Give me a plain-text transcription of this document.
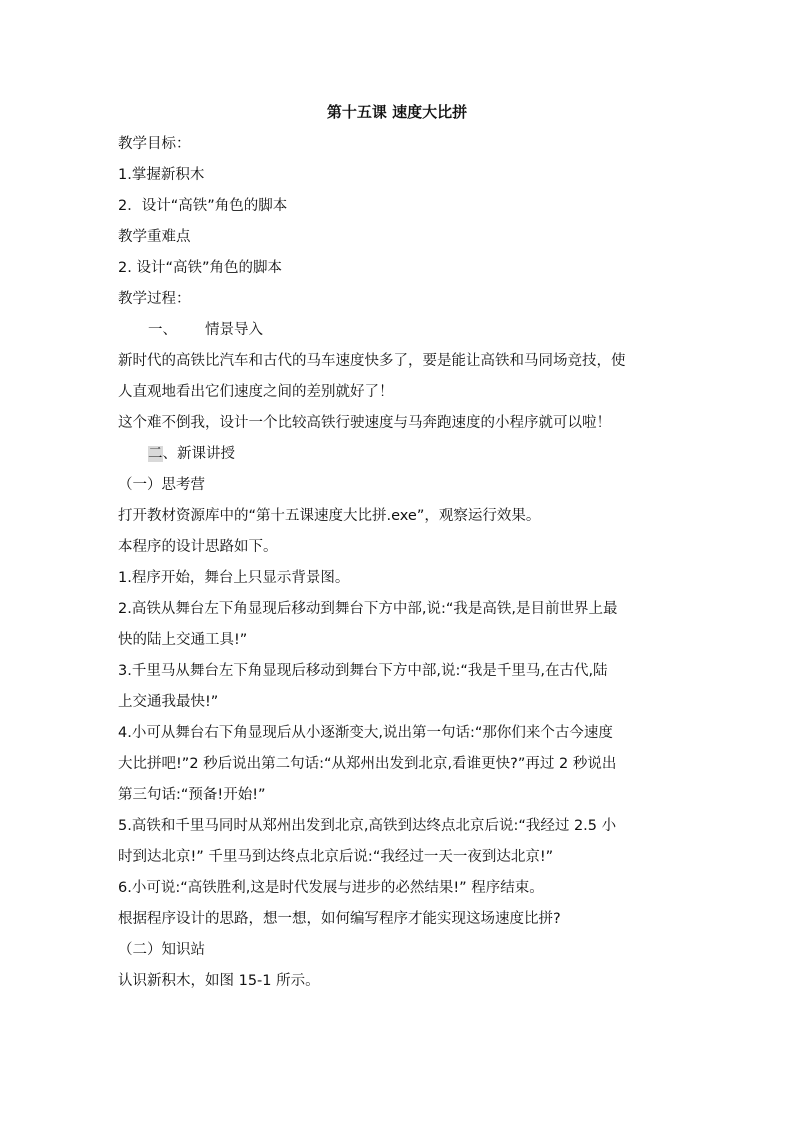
第十五课 速度大比拼
教学目标：
1.掌握新积木
2．设计“高铁”角色的脚本
教学重难点
2. 设计“高铁”角色的脚本
教学过程：
一、	情景导入
新时代的高铁比汽车和古代的马车速度快多了，要是能让高铁和马同场竞技，使
人直观地看出它们速度之间的差别就好了！
这个难不倒我，设计一个比较高铁行驶速度与马奔跑速度的小程序就可以啦！
二、新课讲授
（一）思考营
打开教材资源库中的“第十五课速度大比拼.exe”，观察运行效果。
本程序的设计思路如下。
1.程序开始，舞台上只显示背景图。
2.高铁从舞台左下角显现后移动到舞台下方中部,说:“我是高铁,是目前世界上最
快的陆上交通工具!”
3.千里马从舞台左下角显现后移动到舞台下方中部,说:“我是千里马,在古代,陆
上交通我最快!”
4.小可从舞台右下角显现后从小逐渐变大,说出第一句话:“那你们来个古今速度
大比拼吧!”2 秒后说出第二句话:“从郑州出发到北京,看谁更快?”再过 2 秒说出
第三句话:“预备!开始!”
5.高铁和千里马同时从郑州出发到北京,高铁到达终点北京后说:“我经过 2.5 小
时到达北京!” 千里马到达终点北京后说:“我经过一天一夜到达北京!”
6.小可说:“高铁胜利,这是时代发展与进步的必然结果!” 程序结束。
根据程序设计的思路，想一想，如何编写程序才能实现这场速度比拼?
（二）知识站
认识新积木，如图 15-1 所示。
